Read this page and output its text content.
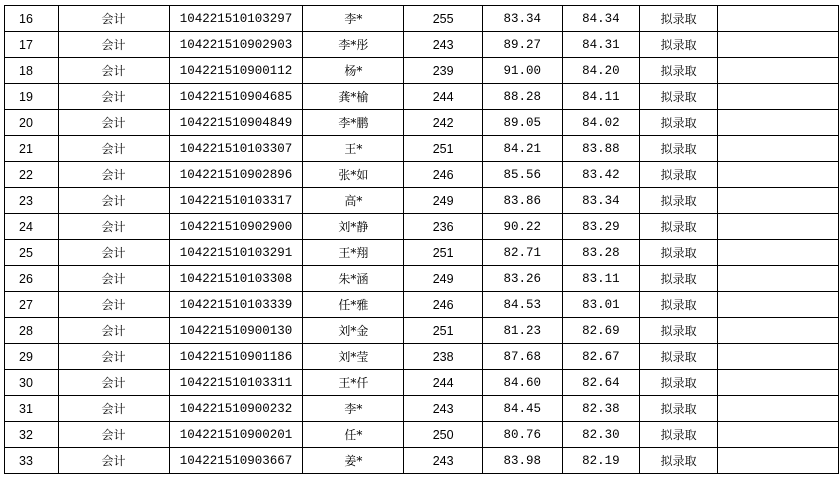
16	会计	104221510103297	李*	255	83.34	84.34	拟录取	
17	会计	104221510902903	李*彤	243	89.27	84.31	拟录取	
18	会计	104221510900112	杨*	239	91.00	84.20	拟录取	
19	会计	104221510904685	龚*榆	244	88.28	84.11	拟录取	
20	会计	104221510904849	李*鹏	242	89.05	84.02	拟录取	
21	会计	104221510103307	王*	251	84.21	83.88	拟录取	
22	会计	104221510902896	张*如	246	85.56	83.42	拟录取	
23	会计	104221510103317	高*	249	83.86	83.34	拟录取	
24	会计	104221510902900	刘*静	236	90.22	83.29	拟录取	
25	会计	104221510103291	王*翔	251	82.71	83.28	拟录取	
26	会计	104221510103308	朱*涵	249	83.26	83.11	拟录取	
27	会计	104221510103339	任*雅	246	84.53	83.01	拟录取	
28	会计	104221510900130	刘*金	251	81.23	82.69	拟录取	
29	会计	104221510901186	刘*莹	238	87.68	82.67	拟录取	
30	会计	104221510103311	王*仟	244	84.60	82.64	拟录取	
31	会计	104221510900232	李*	243	84.45	82.38	拟录取	
32	会计	104221510900201	任*	250	80.76	82.30	拟录取	
33	会计	104221510903667	姜*	243	83.98	82.19	拟录取	
